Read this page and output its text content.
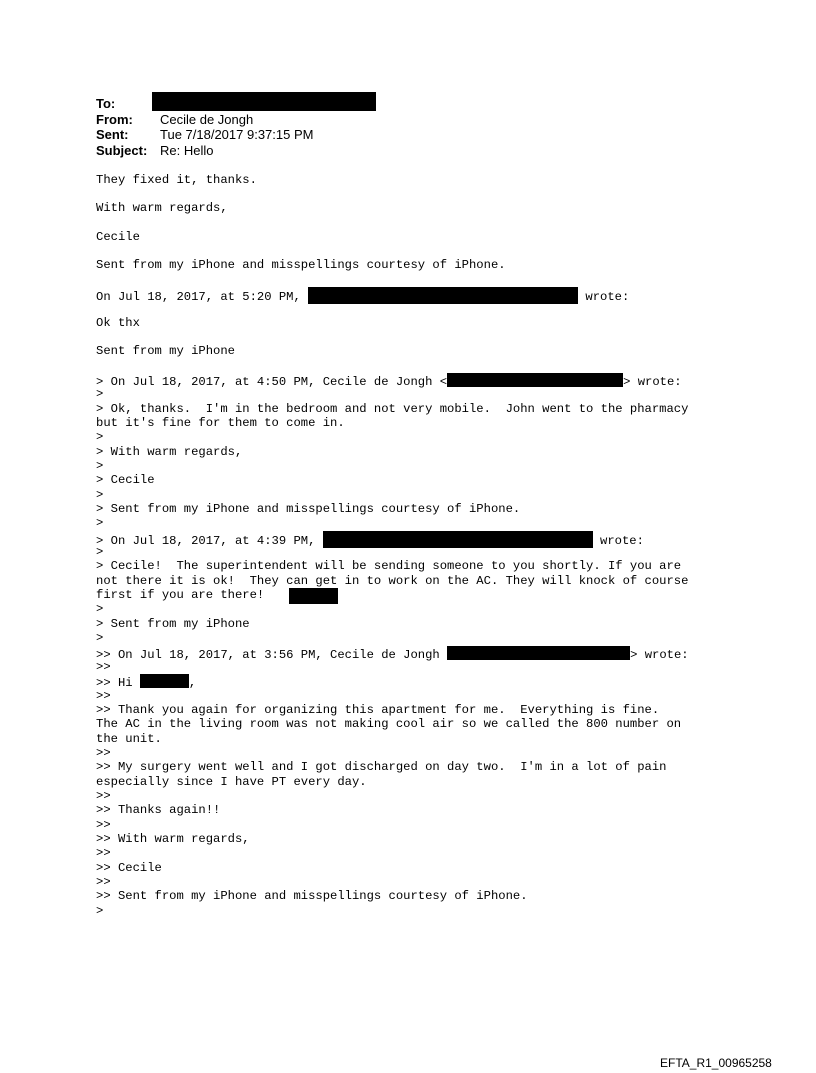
To:
From: Cecile de Jongh
Sent: Tue 7/18/2017 9:37:15 PM
Subject: Re: Hello
They fixed it, thanks.
With warm regards,
Cecile
Sent from my iPhone and misspellings courtesy of iPhone.
On Jul 18, 2017, at 5:20 PM,	wrote:
Ok thx
Sent from my iPhone
> On Jul 18, 2017, at 4:50 PM, Cecile de Jongh <	> wrote:
>
> Ok, thanks.  I'm in the bedroom and not very mobile.  John went to the pharmacy
but it's fine for them to come in.
>
> With warm regards,
>
> Cecile
>
> Sent from my iPhone and misspellings courtesy of iPhone.
>
> On Jul 18, 2017, at 4:39 PM,	wrote:
>
> Cecile!  The superintendent will be sending someone to you shortly. If you are
not there it is ok!  They can get in to work on the AC. They will knock of course
first if you are there!
>
> Sent from my iPhone
>
>> On Jul 18, 2017, at 3:56 PM, Cecile de Jongh	> wrote:
>>
>> Hi	,
>>
>> Thank you again for organizing this apartment for me.  Everything is fine.
The AC in the living room was not making cool air so we called the 800 number on
the unit.
>>
>> My surgery went well and I got discharged on day two.  I'm in a lot of pain
especially since I have PT every day.
>>
>> Thanks again!!
>>
>> With warm regards,
>>
>> Cecile
>>
>> Sent from my iPhone and misspellings courtesy of iPhone.
>
EFTA_R1_00965258
